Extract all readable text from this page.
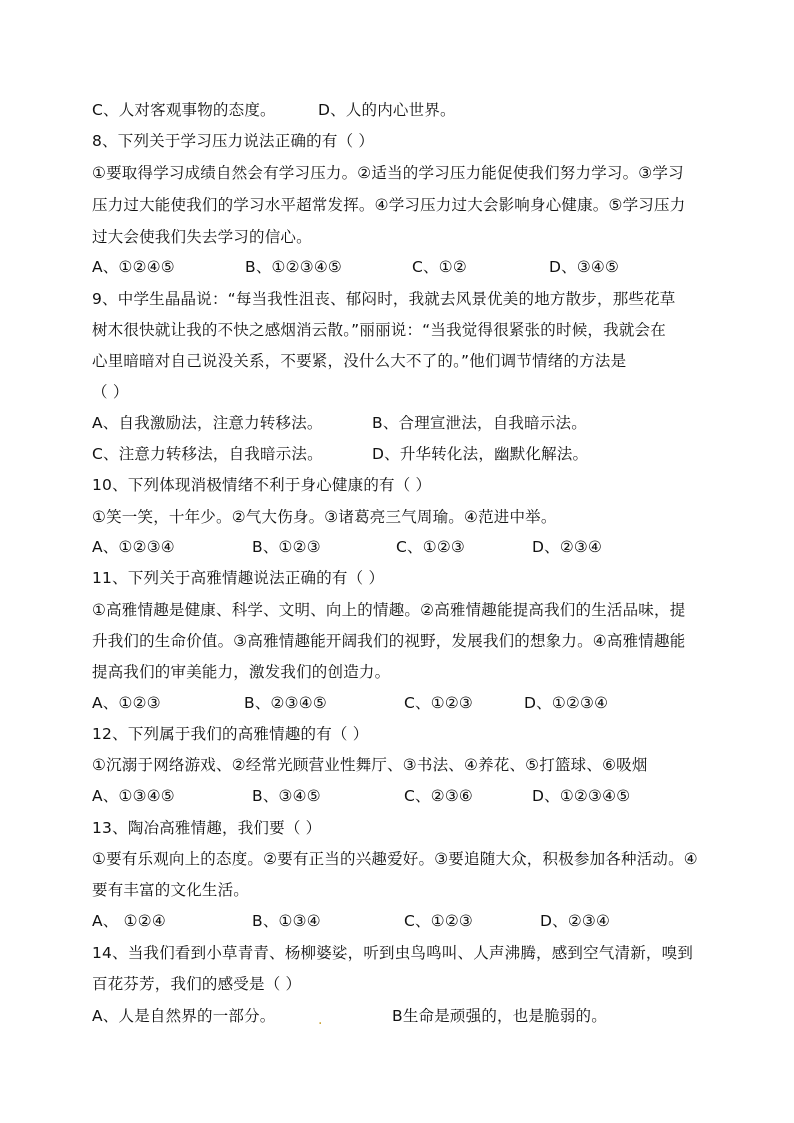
C、人对客观事物的态度。	D、人的内心世界。
8、下列关于学习压力说法正确的有（ ）
①要取得学习成绩自然会有学习压力。②适当的学习压力能促使我们努力学习。③学习
压力过大能使我们的学习水平超常发挥。④学习压力过大会影响身心健康。⑤学习压力
过大会使我们失去学习的信心。
A、①②④⑤	B、①②③④⑤	C、①②	D、③④⑤
9、中学生晶晶说：“每当我性沮丧、郁闷时，我就去风景优美的地方散步，那些花草
树木很快就让我的不快之感烟消云散。”丽丽说：“当我觉得很紧张的时候，我就会在
心里暗暗对自己说没关系，不要紧，没什么大不了的。”他们调节情绪的方法是
（ ）
A、自我激励法，注意力转移法。	B、合理宣泄法，自我暗示法。
C、注意力转移法，自我暗示法。	D、升华转化法，幽默化解法。
10、下列体现消极情绪不利于身心健康的有（ ）
①笑一笑，十年少。②气大伤身。③诸葛亮三气周瑜。④范进中举。
A、①②③④	B、①②③	C、①②③	D、②③④
11、下列关于高雅情趣说法正确的有（ ）
①高雅情趣是健康、科学、文明、向上的情趣。②高雅情趣能提高我们的生活品味，提
升我们的生命价值。③高雅情趣能开阔我们的视野，发展我们的想象力。④高雅情趣能
提高我们的审美能力，激发我们的创造力。
A、①②③	B、②③④⑤	C、①②③	D、①②③④
12、下列属于我们的高雅情趣的有（ ）
①沉溺于网络游戏、②经常光顾营业性舞厅、③书法、④养花、⑤打篮球、⑥吸烟
A、①③④⑤	B、③④⑤	C、②③⑥	D、①②③④⑤
13、陶冶高雅情趣，我们要（ ）
①要有乐观向上的态度。②要有正当的兴趣爱好。③要追随大众，积极参加各种活动。④
要有丰富的文化生活。
A、 ①②④	B、①③④	C、①②③	D、②③④
14、当我们看到小草青青、杨柳婆娑，听到虫鸟鸣叫、人声沸腾，感到空气清新，嗅到
百花芬芳，我们的感受是（ ）
A、人是自然界的一部分。	B生命是顽强的，也是脆弱的。
.
